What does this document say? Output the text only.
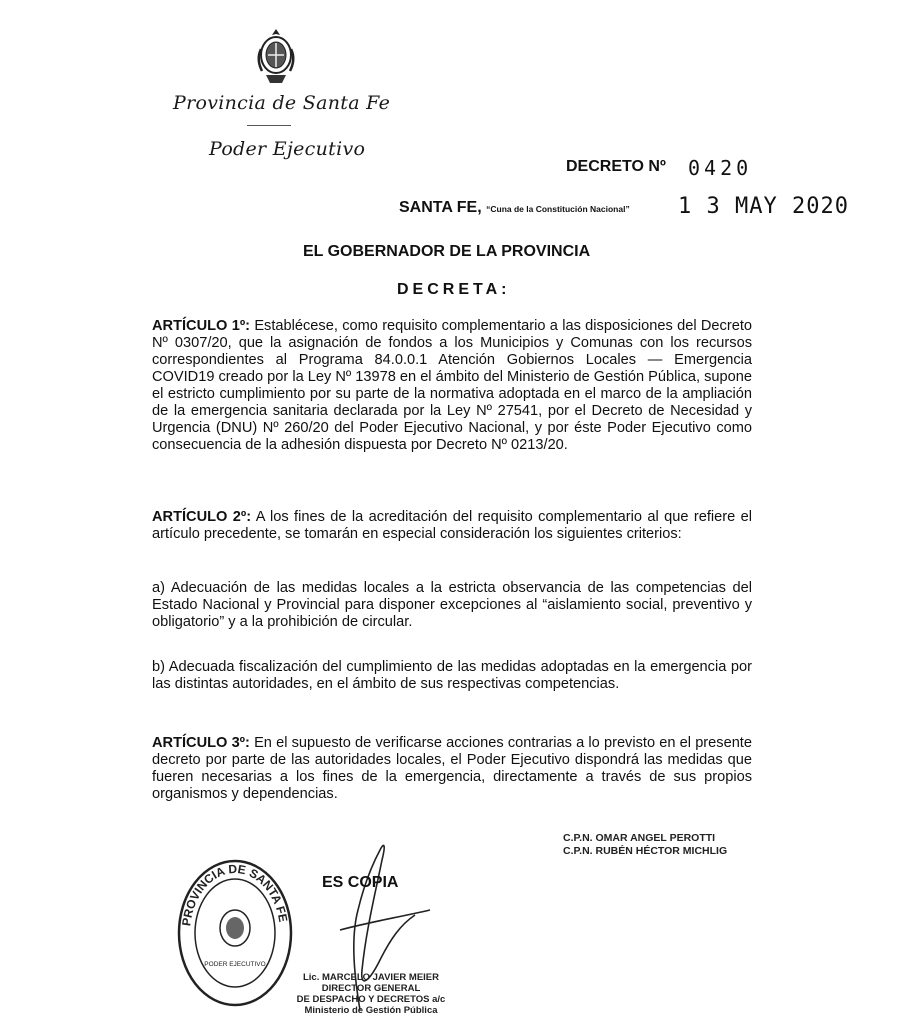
Provincia de Santa Fe
Poder Ejecutivo
DECRETO Nº 0420
SANTA FE, “Cuna de la Constitución Nacional” 1 3 MAY 2020
EL GOBERNADOR DE LA PROVINCIA
DECRETA:

ARTÍCULO 1º: Establécese, como requisito complementario a las disposiciones del Decreto Nº 0307/20, que la asignación de fondos a los Municipios y Comunas con los recursos correspondientes al Programa 84.0.0.1 Atención Gobiernos Locales — Emergencia COVID19 creado por la Ley Nº 13978 en el ámbito del Ministerio de Gestión Pública, supone el estricto cumplimiento por su parte de la normativa adoptada en el marco de la ampliación de la emergencia sanitaria declarada por la Ley Nº 27541, por el Decreto de Necesidad y Urgencia (DNU) Nº 260/20 del Poder Ejecutivo Nacional, y por éste Poder Ejecutivo como consecuencia de la adhesión dispuesta por Decreto Nº 0213/20.

ARTÍCULO 2º: A los fines de la acreditación del requisito complementario al que refiere el artículo precedente, se tomarán en especial consideración los siguientes criterios:

a) Adecuación de las medidas locales a la estricta observancia de las competencias del Estado Nacional y Provincial para disponer excepciones al “aislamiento social, preventivo y obligatorio” y a la prohibición de circular.

b) Adecuada fiscalización del cumplimiento de las medidas adoptadas en la emergencia por las distintas autoridades, en el ámbito de sus respectivas competencias.

ARTÍCULO 3º: En el supuesto de verificarse acciones contrarias a lo previsto en el presente decreto por parte de las autoridades locales, el Poder Ejecutivo dispondrá las medidas que fueren necesarias a los fines de la emergencia, directamente a través de sus propios organismos y dependencias.

C.P.N. OMAR ANGEL PEROTTI
C.P.N. RUBÉN HÉCTOR MICHLIG
PROVINCIA DE SANTA FE
PODER EJECUTIVO
ES COPIA
Lic. MARCELO JAVIER MEIER
DIRECTOR GENERAL
DE DESPACHO Y DECRETOS a/c
Ministerio de Gestión Pública
